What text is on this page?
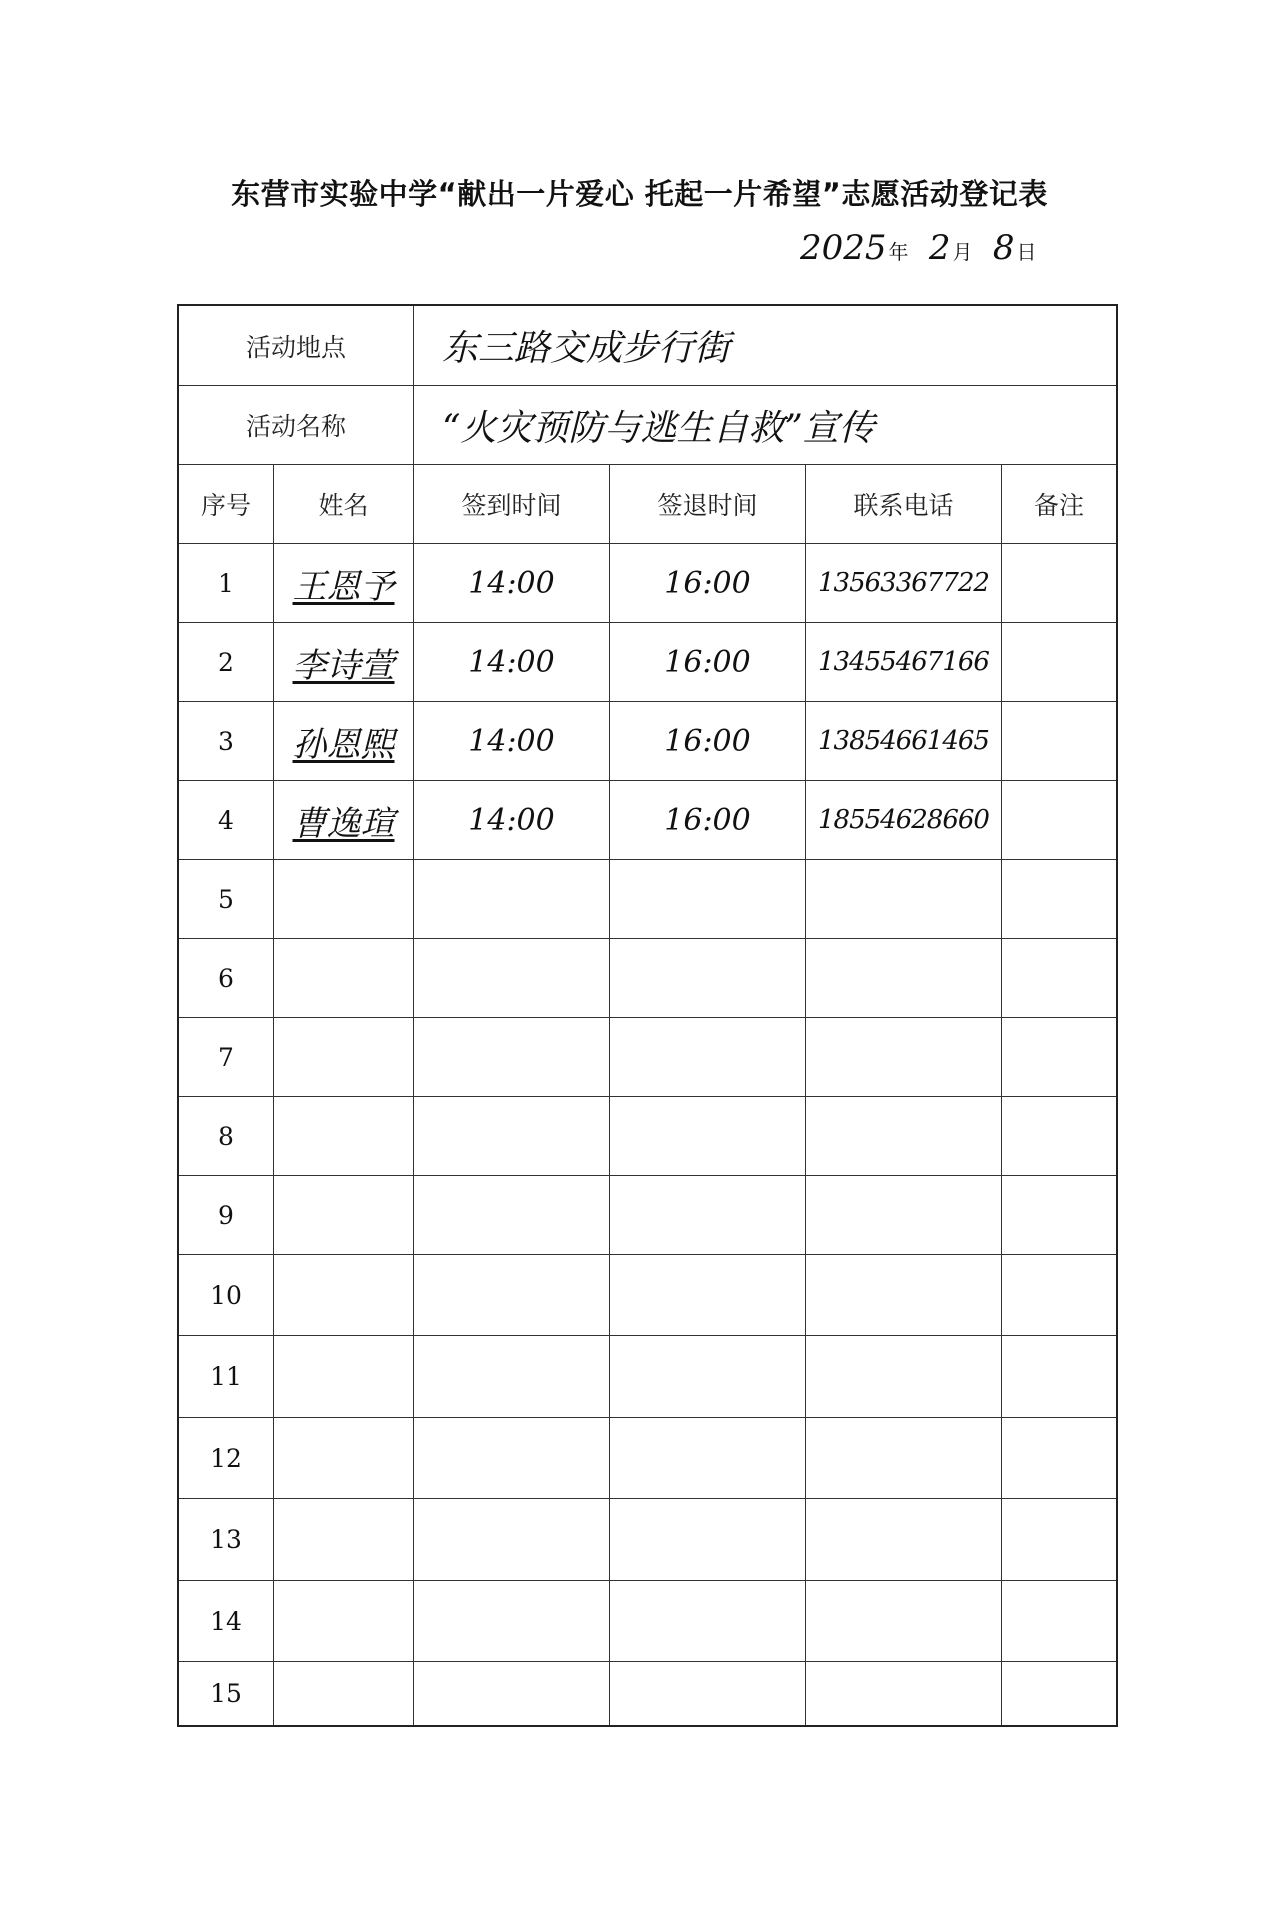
东营市实验中学“献出一片爱心 托起一片希望”志愿活动登记表
2025 年 2 月 8 日
活动地点	东三路交成步行街
活动名称	“火灾预防与逃生自救”宣传
序号	姓名	签到时间	签退时间	联系电话	备注
1	王恩予	14:00	16:00	13563367722
2	李诗萱	14:00	16:00	13455467166
3	孙恩熙	14:00	16:00	13854661465
4	曹逸瑄	14:00	16:00	18554628660
5
6
7
8
9
10
11
12
13
14
15
